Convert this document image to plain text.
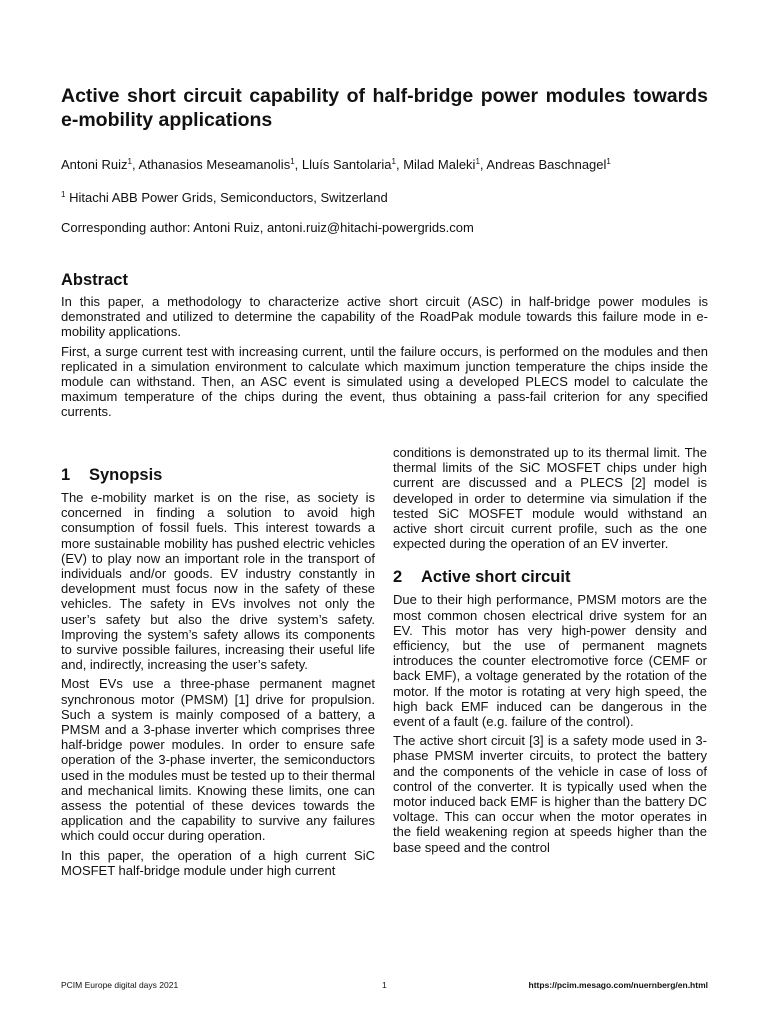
Active short circuit capability of half-bridge power modules towards e-mobility applications
Antoni Ruiz$^1$, Athanasios Meseamanolis$^1$, Lluís Santolaria$^1$, Milad Maleki$^1$, Andreas Baschnagel$^1$
$^1$ Hitachi ABB Power Grids, Semiconductors, Switzerland
Corresponding author: Antoni Ruiz, antoni.ruiz@hitachi-powergrids.com
Abstract

In this paper, a methodology to characterize active short circuit (ASC) in half-bridge power modules is demonstrated and utilized to determine the capability of the RoadPak module towards this failure mode in e-mobility applications.

First, a surge current test with increasing current, until the failure occurs, is performed on the modules and then replicated in a simulation environment to calculate which maximum junction temperature the chips inside the module can withstand. Then, an ASC event is simulated using a developed PLECS model to calculate the maximum temperature of the chips during the event, thus obtaining a pass-fail criterion for any specified currents.

1 Synopsis

The e-mobility market is on the rise, as society is concerned in finding a solution to avoid high consumption of fossil fuels. This interest towards a more sustainable mobility has pushed electric vehicles (EV) to play now an important role in the transport of individuals and/or goods. EV industry constantly in development must focus now in the safety of these vehicles. The safety in EVs involves not only the user’s safety but also the drive system’s safety. Improving the system’s safety allows its components to survive possible failures, increasing their useful life and, indirectly, increasing the user’s safety.

Most EVs use a three-phase permanent magnet synchronous motor (PMSM) [1] drive for propulsion. Such a system is mainly composed of a battery, a PMSM and a 3-phase inverter which comprises three half-bridge power modules. In order to ensure safe operation of the 3-phase inverter, the semiconductors used in the modules must be tested up to their thermal and mechanical limits. Knowing these limits, one can assess the potential of these devices towards the application and the capability to survive any failures which could occur during operation.

In this paper, the operation of a high current SiC MOSFET half-bridge module under high current

conditions is demonstrated up to its thermal limit. The thermal limits of the SiC MOSFET chips under high current are discussed and a PLECS [2] model is developed in order to determine via simulation if the tested SiC MOSFET module would withstand an active short circuit current profile, such as the one expected during the operation of an EV inverter.

2 Active short circuit

Due to their high performance, PMSM motors are the most common chosen electrical drive system for an EV. This motor has very high-power density and efficiency, but the use of permanent magnets introduces the counter electromotive force (CEMF or back EMF), a voltage generated by the rotation of the motor. If the motor is rotating at very high speed, the high back EMF induced can be dangerous in the event of a fault (e.g. failure of the control).

The active short circuit [3] is a safety mode used in 3-phase PMSM inverter circuits, to protect the battery and the components of the vehicle in case of loss of control of the converter. It is typically used when the motor induced back EMF is higher than the battery DC voltage. This can occur when the motor operates in the field weakening region at speeds higher than the base speed and the control

PCIM Europe digital days 2021	1	https://pcim.mesago.com/nuernberg/en.html
